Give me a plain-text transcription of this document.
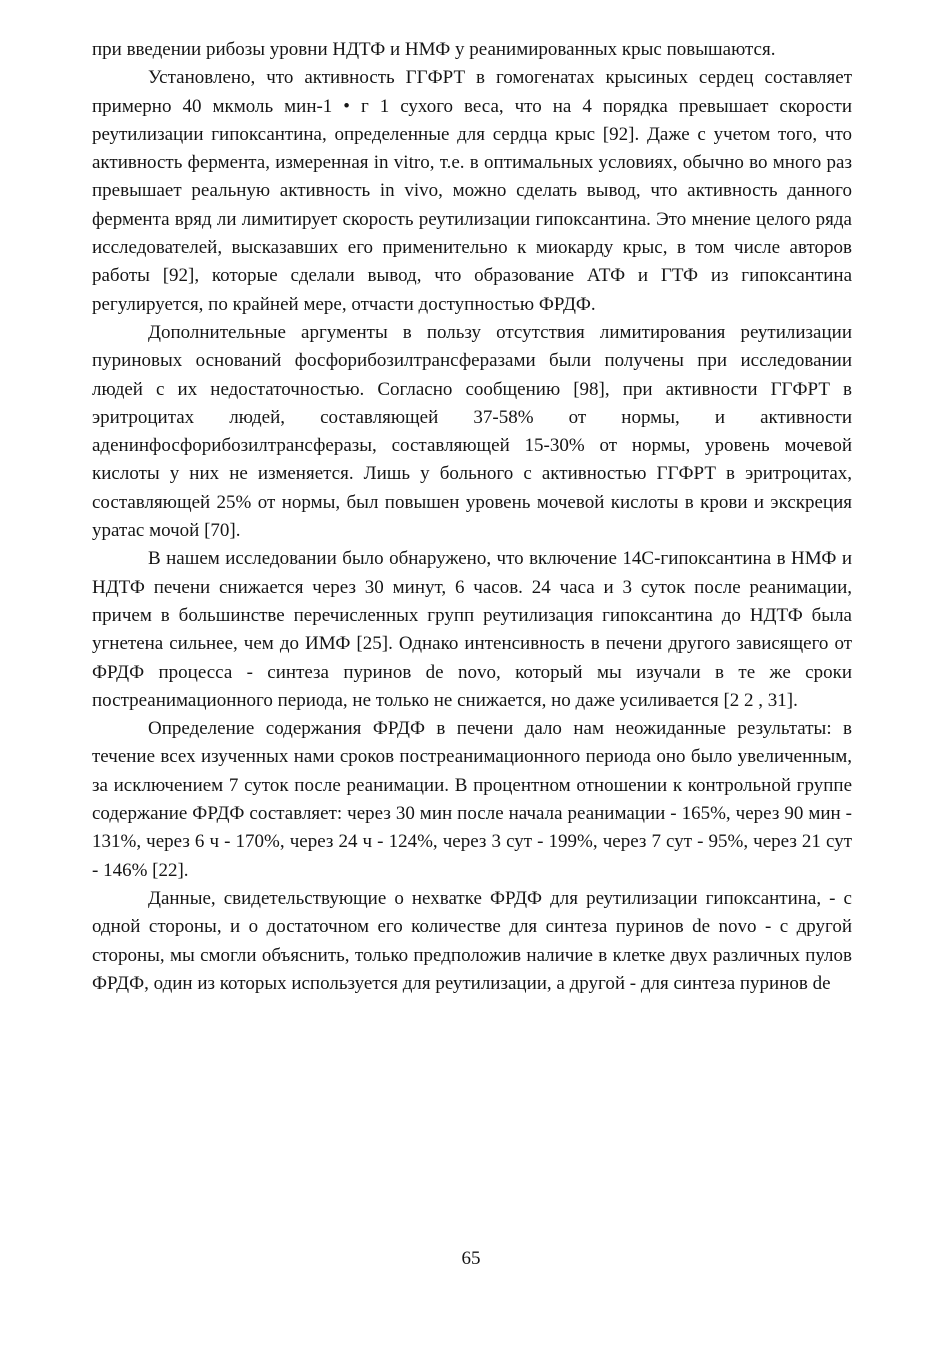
при введении рибозы уровни НДТФ и НМФ у реанимированных крыс повышаются.

Установлено, что активность ГГФРТ в гомогенатах крысиных сердец составляет примерно 40 мкмоль мин-1 • г 1 сухого веса, что на 4 порядка превышает скорости реутилизации гипоксантина, определенные для сердца крыс [92]. Даже с учетом того, что активность фермента, измеренная in vitro, т.е. в оптимальных условиях, обычно во много раз превышает реальную активность in vivo, можно сделать вывод, что активность данного фермента вряд ли лимитирует скорость реутилизации гипоксантина. Это мнение целого ряда исследователей, высказавших его применительно к миокарду крыс, в том числе авторов работы [92], которые сделали вывод, что образование АТФ и ГТФ из гипоксантина регулируется, по крайней мере, отчасти доступностью ФРДФ.

Дополнительные аргументы в пользу отсутствия лимитирования реутилизации пуриновых оснований фосфорибозилтрансферазами были получены при исследовании людей с их недостаточностью. Согласно сообщению [98], при активности ГГФРТ в эритроцитах людей, составляющей 37-58% от нормы, и активности аденинфосфорибозилтрансферазы, составляющей 15-30% от нормы, уровень мочевой кислоты у них не изменяется. Лишь у больного с активностью ГГФРТ в эритроцитах, составляющей 25% от нормы, был повышен уровень мочевой кислоты в крови и экскреция уратас мочой [70].

В нашем исследовании было обнаружено, что включение 14С-гипоксантина в НМФ и НДТФ печени снижается через 30 минут, 6 часов. 24 часа и 3 суток после реанимации, причем в большинстве перечисленных групп реутилизация гипоксантина до НДТФ была угнетена сильнее, чем до ИМФ [25]. Однако интенсивность в печени другого зависящего от ФРДФ процесса - синтеза пуринов de novo, который мы изучали в те же сроки постреанимационного периода, не только не снижается, но даже усиливается [2 2 , 31].

Определение содержания ФРДФ в печени дало нам неожиданные результаты: в течение всех изученных нами сроков постреанимационного периода оно было увеличенным, за исключением 7 суток после реанимации. В процентном отношении к контрольной группе содержание ФРДФ составляет: через 30 мин после начала реанимации - 165%, через 90 мин - 131%, через 6 ч - 170%, через 24 ч - 124%, через 3 сут - 199%, через 7 сут - 95%, через 21 сут - 146% [22].

Данные, свидетельствующие о нехватке ФРДФ для реутилизации гипоксантина, - с одной стороны, и о достаточном его количестве для синтеза пуринов de novo - с другой стороны, мы смогли объяснить, только предположив наличие в клетке двух различных пулов ФРДФ, один из которых используется для реутилизации, а другой - для синтеза пуринов de

65
